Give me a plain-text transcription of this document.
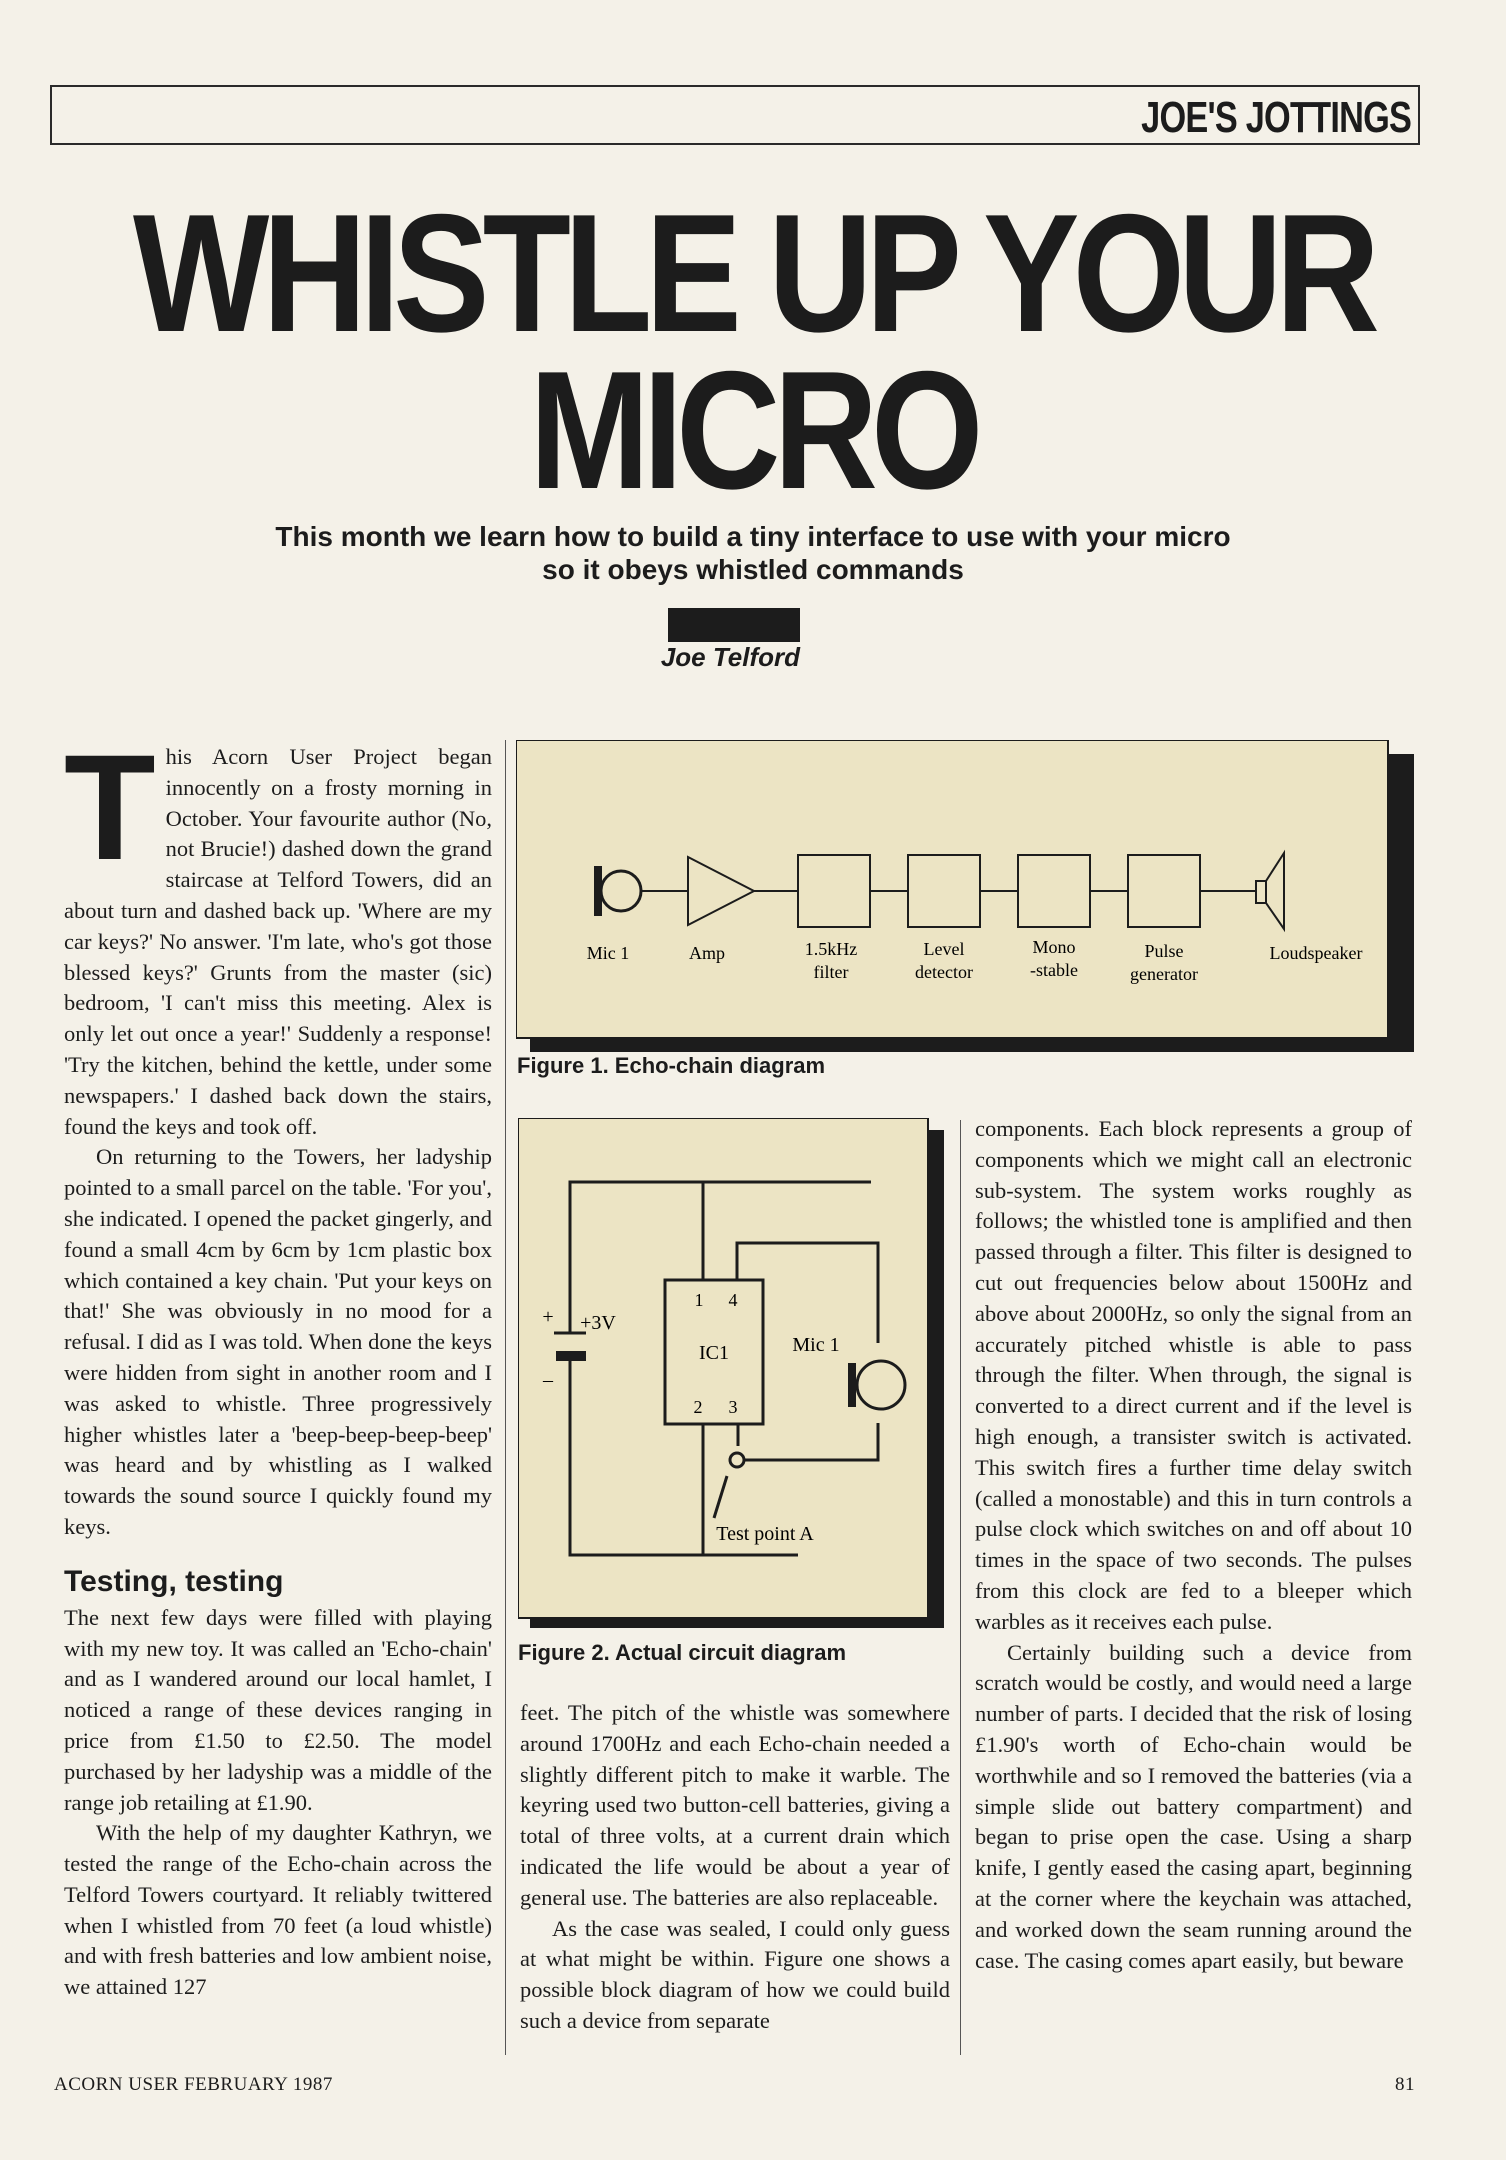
JOE'S JOTTINGS
WHISTLE UP YOUR
MICRO
This month we learn how to build a tiny interface to use with your micro so it obeys whistled commands
Joe Telford
T his Acorn User Project began innocently on a frosty morning in October. Your favourite author (No, not Brucie!) dashed down the grand staircase at Telford Towers, did an about turn and dashed back up. 'Where are my car keys?' No answer. 'I'm late, who's got those blessed keys?' Grunts from the master (sic) bedroom, 'I can't miss this meeting. Alex is only let out once a year!' Suddenly a response! 'Try the kitchen, behind the kettle, under some newspapers.' I dashed back down the stairs, found the keys and took off.

On returning to the Towers, her ladyship pointed to a small parcel on the table. 'For you', she indicated. I opened the packet gingerly, and found a small 4cm by 6cm by 1cm plastic box which contained a key chain. 'Put your keys on that!' She was obviously in no mood for a refusal. I did as I was told. When done the keys were hidden from sight in another room and I was asked to whistle. Three progressively higher whistles later a 'beep-beep-beep-beep' was heard and by whistling as I walked towards the sound source I quickly found my keys.

Testing, testing

The next few days were filled with playing with my new toy. It was called an 'Echo-chain' and as I wandered around our local hamlet, I noticed a range of these devices ranging in price from £1.50 to £2.50. The model purchased by her ladyship was a middle of the range job retailing at £1.90.

With the help of my daughter Kathryn, we tested the range of the Echo-chain across the Telford Towers courtyard. It reliably twittered when I whistled from 70 feet (a loud whistle) and with fresh batteries and low ambient noise, we attained 127

Mic 1	Amp	1.5kHz
filter
Level
detector
Mono
-stable
Pulse
generator
Loudspeaker
Figure 1. Echo-chain diagram
+
–
+3V
1 4
IC1
2 3
Mic 1
Test point A
Figure 2. Actual circuit diagram

feet. The pitch of the whistle was somewhere around 1700Hz and each Echo-chain needed a slightly different pitch to make it warble. The keyring used two button-cell batteries, giving a total of three volts, at a current drain which indicated the life would be about a year of general use. The batteries are also replaceable.

As the case was sealed, I could only guess at what might be within. Figure one shows a possible block diagram of how we could build such a device from separate

components. Each block represents a group of components which we might call an electronic sub-system. The system works roughly as follows; the whistled tone is amplified and then passed through a filter. This filter is designed to cut out frequencies below about 1500Hz and above about 2000Hz, so only the signal from an accurately pitched whistle is able to pass through the filter. When through, the signal is converted to a direct current and if the level is high enough, a transister switch is activated. This switch fires a further time delay switch (called a monostable) and this in turn controls a pulse clock which switches on and off about 10 times in the space of two seconds. The pulses from this clock are fed to a bleeper which warbles as it receives each pulse.

Certainly building such a device from scratch would be costly, and would need a large number of parts. I decided that the risk of losing £1.90's worth of Echo-chain would be worthwhile and so I removed the batteries (via a simple slide out battery compartment) and began to prise open the case. Using a sharp knife, I gently eased the casing apart, beginning at the corner where the keychain was attached, and worked down the seam running around the case. The casing comes apart easily, but beware

ACORN USER FEBRUARY 1987	81
